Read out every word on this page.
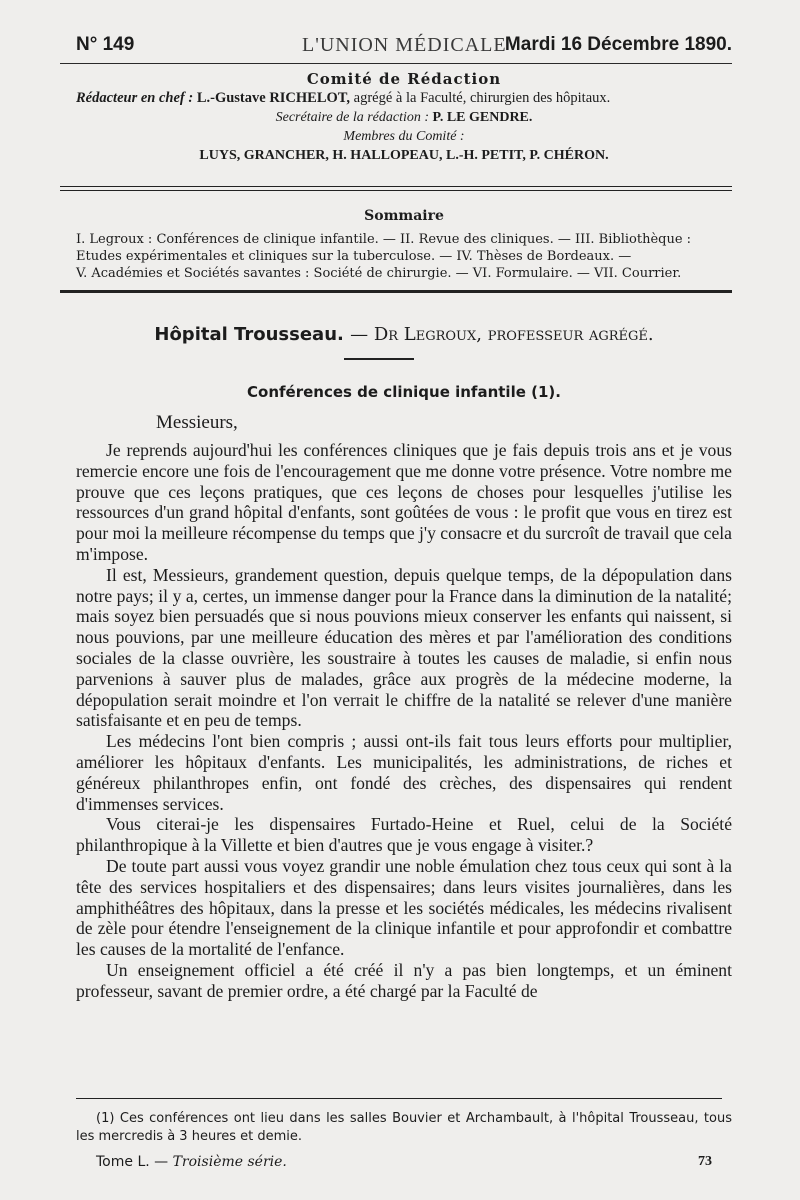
N° 149	L'UNION MÉDICALE
Mardi 16 Décembre 1890.
Comité de Rédaction
Rédacteur en chef : L.-Gustave RICHELOT, agrégé à la Faculté, chirurgien des hôpitaux.
Secrétaire de la rédaction : P. LE GENDRE.
Membres du Comité :
LUYS, GRANCHER, H. HALLOPEAU, L.-H. PETIT, P. CHÉRON.
Sommaire
I. Legroux : Conférences de clinique infantile. — II. Revue des cliniques. — III. Bibliothèque :
Etudes expérimentales et cliniques sur la tuberculose. — IV. Thèses de Bordeaux. —
V. Académies et Sociétés savantes : Société de chirurgie. — VI. Formulaire. — VII. Courrier.
Hôpital Trousseau. — Dr Legroux, professeur agrégé.
Conférences de clinique infantile (1).
Messieurs,

Je reprends aujourd'hui les conférences cliniques que je fais depuis trois ans et je vous remercie encore une fois de l'encouragement que me donne votre présence. Votre nombre me prouve que ces leçons pratiques, que ces leçons de choses pour lesquelles j'utilise les ressources d'un grand hôpital d'enfants, sont goûtées de vous : le profit que vous en tirez est pour moi la meilleure récompense du temps que j'y consacre et du surcroît de travail que cela m'impose.

Il est, Messieurs, grandement question, depuis quelque temps, de la dépopulation dans notre pays; il y a, certes, un immense danger pour la France dans la diminution de la natalité; mais soyez bien persuadés que si nous pouvions mieux conserver les enfants qui naissent, si nous pouvions, par une meilleure éducation des mères et par l'amélioration des conditions sociales de la classe ouvrière, les soustraire à toutes les causes de maladie, si enfin nous parvenions à sauver plus de malades, grâce aux progrès de la médecine moderne, la dépopulation serait moindre et l'on verrait le chiffre de la natalité se relever d'une manière satisfaisante et en peu de temps.

Les médecins l'ont bien compris ; aussi ont-ils fait tous leurs efforts pour multiplier, améliorer les hôpitaux d'enfants. Les municipalités, les administrations, de riches et généreux philanthropes enfin, ont fondé des crèches, des dispensaires qui rendent d'immenses services.

Vous citerai-je les dispensaires Furtado-Heine et Ruel, celui de la Société philanthropique à la Villette et bien d'autres que je vous engage à visiter.?

De toute part aussi vous voyez grandir une noble émulation chez tous ceux qui sont à la tête des services hospitaliers et des dispensaires; dans leurs visites journalières, dans les amphithéâtres des hôpitaux, dans la presse et les sociétés médicales, les médecins rivalisent de zèle pour étendre l'enseignement de la clinique infantile et pour approfondir et combattre les causes de la mortalité de l'enfance.

Un enseignement officiel a été créé il n'y a pas bien longtemps, et un éminent professeur, savant de premier ordre, a été chargé par la Faculté de

(1) Ces conférences ont lieu dans les salles Bouvier et Archambault, à l'hôpital Trousseau, tous les mercredis à 3 heures et demie.
Tome L. — Troisième série.	73
